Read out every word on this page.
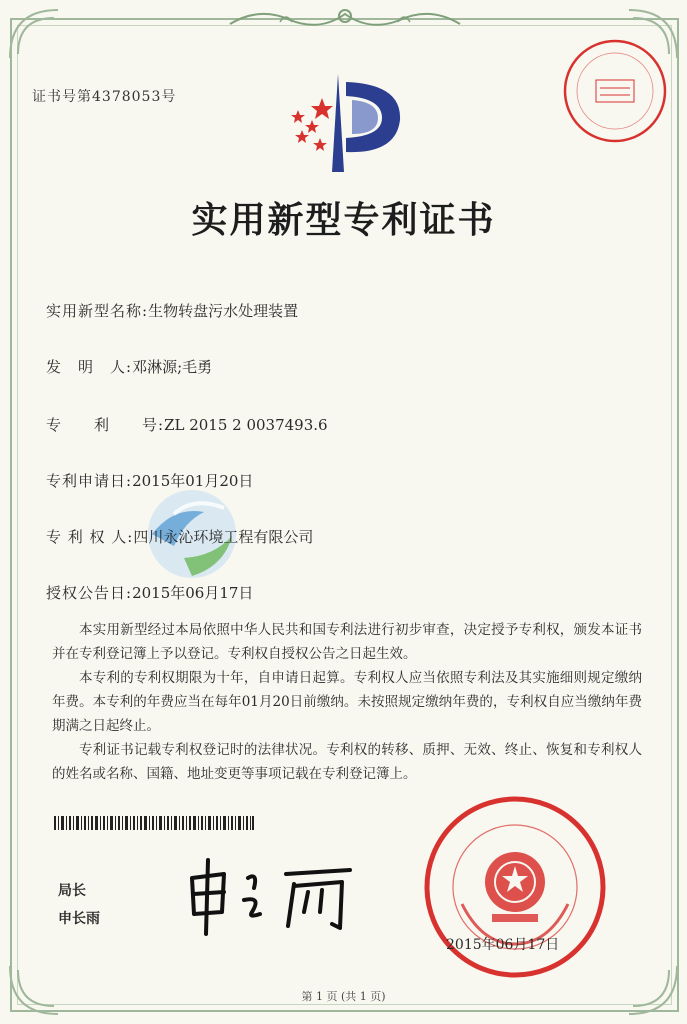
证书号第4378053号
实用新型专利证书
实用新型名称:生物转盘污水处理装置
发　明　人:邓淋源;毛勇
专　　利　　号:ZL 2015 2 0037493.6
专利申请日:2015年01月20日
专 利 权 人:四川永沁环境工程有限公司
授权公告日:2015年06月17日

本实用新型经过本局依照中华人民共和国专利法进行初步审查，决定授予专利权，颁发本证书并在专利登记簿上予以登记。专利权自授权公告之日起生效。

本专利的专利权期限为十年，自申请日起算。专利权人应当依照专利法及其实施细则规定缴纳年费。本专利的年费应当在每年01月20日前缴纳。未按照规定缴纳年费的，专利权自应当缴纳年费期满之日起终止。

专利证书记载专利权登记时的法律状况。专利权的转移、质押、无效、终止、恢复和专利权人的姓名或名称、国籍、地址变更等事项记载在专利登记簿上。

局长
申长雨
2015年06月17日
第 1 页 (共 1 页)
